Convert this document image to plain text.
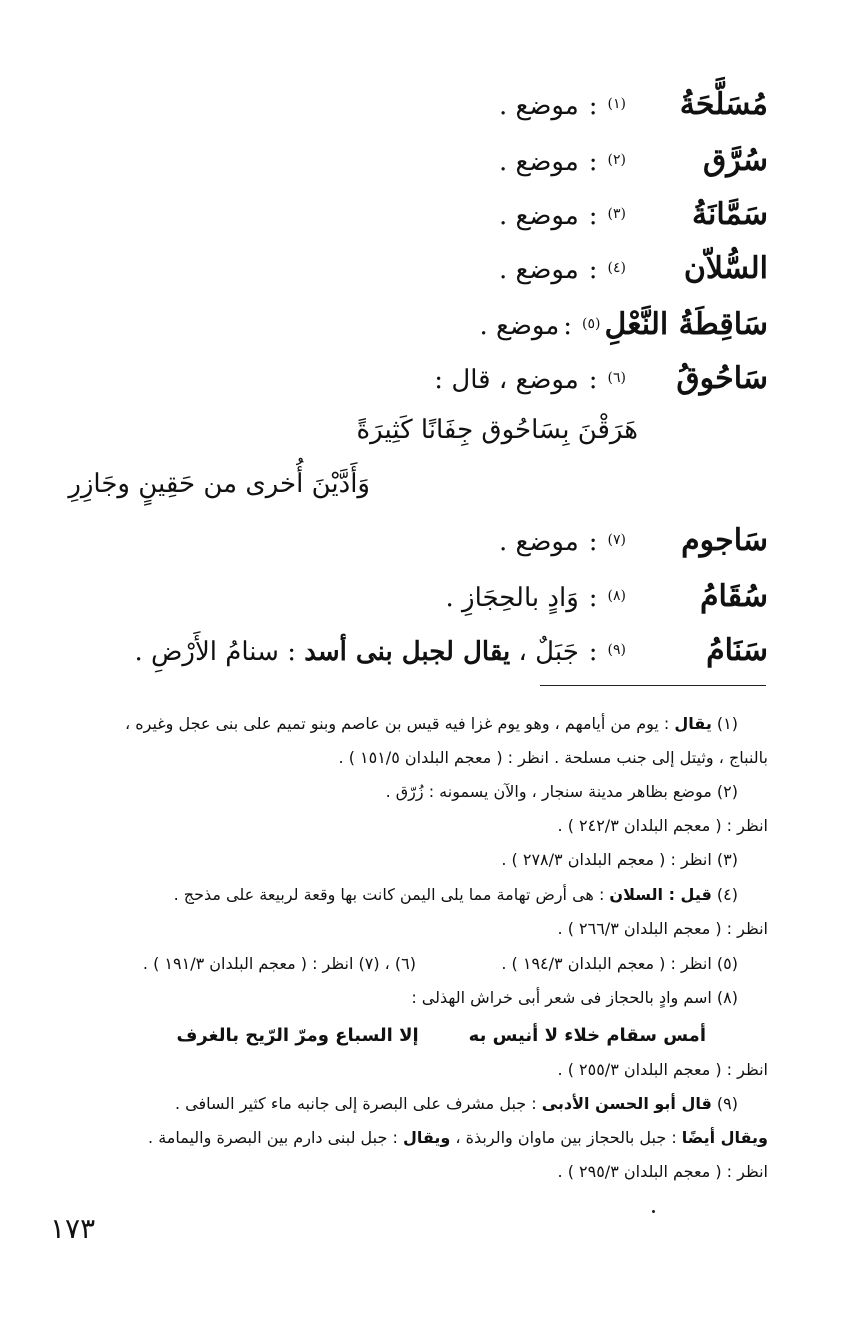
مُسَلَّحَةُ(١):موضع .
سُرَّق(٢):موضع .
سَمَّانَةُ(٣):موضع .
السُّلاّن(٤):موضع .
سَاقِطَةُ النَّعْلِ(٥):موضع .
سَاحُوقُ(٦):موضع ، قال :
هَرَقْنَ بِسَاحُوق جِفَانًا كَثِيرَةً
وَأَدَّيْنَ أُخرى من حَقِينٍ وجَازِرِ
سَاجوم(٧):موضع .
سُقَامُ(٨):وَادٍ بالحِجَازِ .
سَنَامُ(٩):جَبَلٌ ، يقال لجبل بنى أسد : سنامُ الأَرْضِ .
(١) يقال : يوم من أيامهم ، وهو يوم غزا فيه قيس بن عاصم وبنو تميم على بنى عجل وغيره ،
بالنباج ، وثيتل إلى جنب مسلحة . انظر : ( معجم البلدان ١٥١/٥ ) .
(٢) موضع بظاهر مدينة سنجار ، والآن يسمونه : زُرّق .
انظر : ( معجم البلدان ٢٤٢/٣ ) .
(٣) انظر : ( معجم البلدان ٢٧٨/٣ ) .
(٤) قيل : السلان : هى أرض تهامة مما يلى اليمن كانت بها وقعة لربيعة على مذحج .
انظر : ( معجم البلدان ٢٦٦/٣ ) .
(٥) انظر : ( معجم البلدان ١٩٤/٣ ) .
(٦) ، (٧) انظر : ( معجم البلدان ١٩١/٣ ) .
(٨) اسم وادٍ بالحجاز فى شعر أبى خراش الهذلى :
أمس سقام خلاء لا أنيس بهإلا السباع ومرّ الرّيح بالغرف
انظر : ( معجم البلدان ٢٥٥/٣ ) .
(٩) قال أبو الحسن الأدبى : جبل مشرف على البصرة إلى جانبه ماء كثير السافى .
ويقال أيضًا : جبل بالحجاز بين ماوان والربذة ، ويقال : جبل لبنى دارم بين البصرة واليمامة .
انظر : ( معجم البلدان ٢٩٥/٣ ) .
١٧٣
